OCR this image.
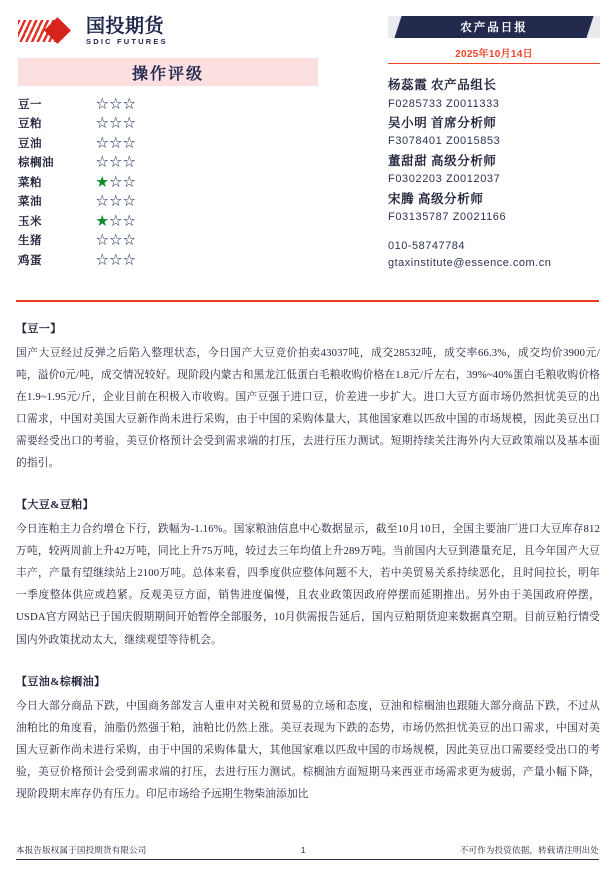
国投期货
SDIC FUTURES
操作评级
豆一	☆☆☆
豆粕	☆☆☆
豆油	☆☆☆
棕榈油	☆☆☆
菜粕	★☆☆
菜油	☆☆☆
玉米	★☆☆
生猪	☆☆☆
鸡蛋	☆☆☆
农产品日报
2025年10月14日
杨蕊霞 农产品组长
F0285733 Z0011333
吴小明 首席分析师
F3078401 Z0015853
董甜甜 高级分析师
F0302203 Z0012037
宋腾 高级分析师
F03135787 Z0021166
010-58747784
gtaxinstitute@essence.com.cn
【豆一】
国产大豆经过反弹之后陷入整理状态，今日国产大豆竞价拍卖43037吨，成交28532吨，成交率66.3%，成交均价3900元/吨，溢价0元/吨，成交情况较好。现阶段内蒙古和黑龙江低蛋白毛粮收购价格在1.8元/斤左右，39%~40%蛋白毛粮收购价格在1.9~1.95元/斤，企业目前在积极入市收购。国产豆强于进口豆，价差进一步扩大。进口大豆方面市场仍然担忧美豆的出口需求，中国对美国大豆新作尚未进行采购，由于中国的采购体量大，其他国家难以匹敌中国的市场规模，因此美豆出口需要经受出口的考验，美豆价格预计会受到需求端的打压，去进行压力测试。短期持续关注海外内大豆政策端以及基本面的指引。
【大豆&豆粕】
今日连粕主力合约增仓下行，跌幅为-1.16%。国家粮油信息中心数据显示，截至10月10日，全国主要油厂进口大豆库存812万吨，较两周前上升42万吨，同比上升75万吨，较过去三年均值上升289万吨。当前国内大豆到港量充足，且今年国产大豆丰产，产量有望继续站上2100万吨。总体来看，四季度供应整体问题不大，若中美贸易关系持续恶化，且时间拉长，明年一季度整体供应或趋紧。反观美豆方面，销售进度偏慢，且农业政策因政府停摆而延期推出。另外由于美国政府停摆，USDA官方网站已于国庆假期期间开始暂停全部服务，10月供需报告延后，国内豆粕期货迎来数据真空期。目前豆粕行情受国内外政策扰动太大，继续观望等待机会。
【豆油&棕榈油】
今日大部分商品下跌，中国商务部发言人重申对关税和贸易的立场和态度，豆油和棕榈油也跟随大部分商品下跌，不过从油粕比的角度看，油脂仍然强于粕，油粕比仍然上涨。美豆表现为下跌的态势，市场仍然担忧美豆的出口需求，中国对美国大豆新作尚未进行采购，由于中国的采购体量大，其他国家难以匹敌中国的市场规模，因此美豆出口需要经受出口的考验，美豆价格预计会受到需求端的打压，去进行压力测试。棕榈油方面短期马来西亚市场需求更为疲弱，产量小幅下降，现阶段期末库存仍有压力。印尼市场给予远期生物柴油添加比
本报告版权属于国投期货有限公司	1	不可作为投资依据，转载请注明出处
